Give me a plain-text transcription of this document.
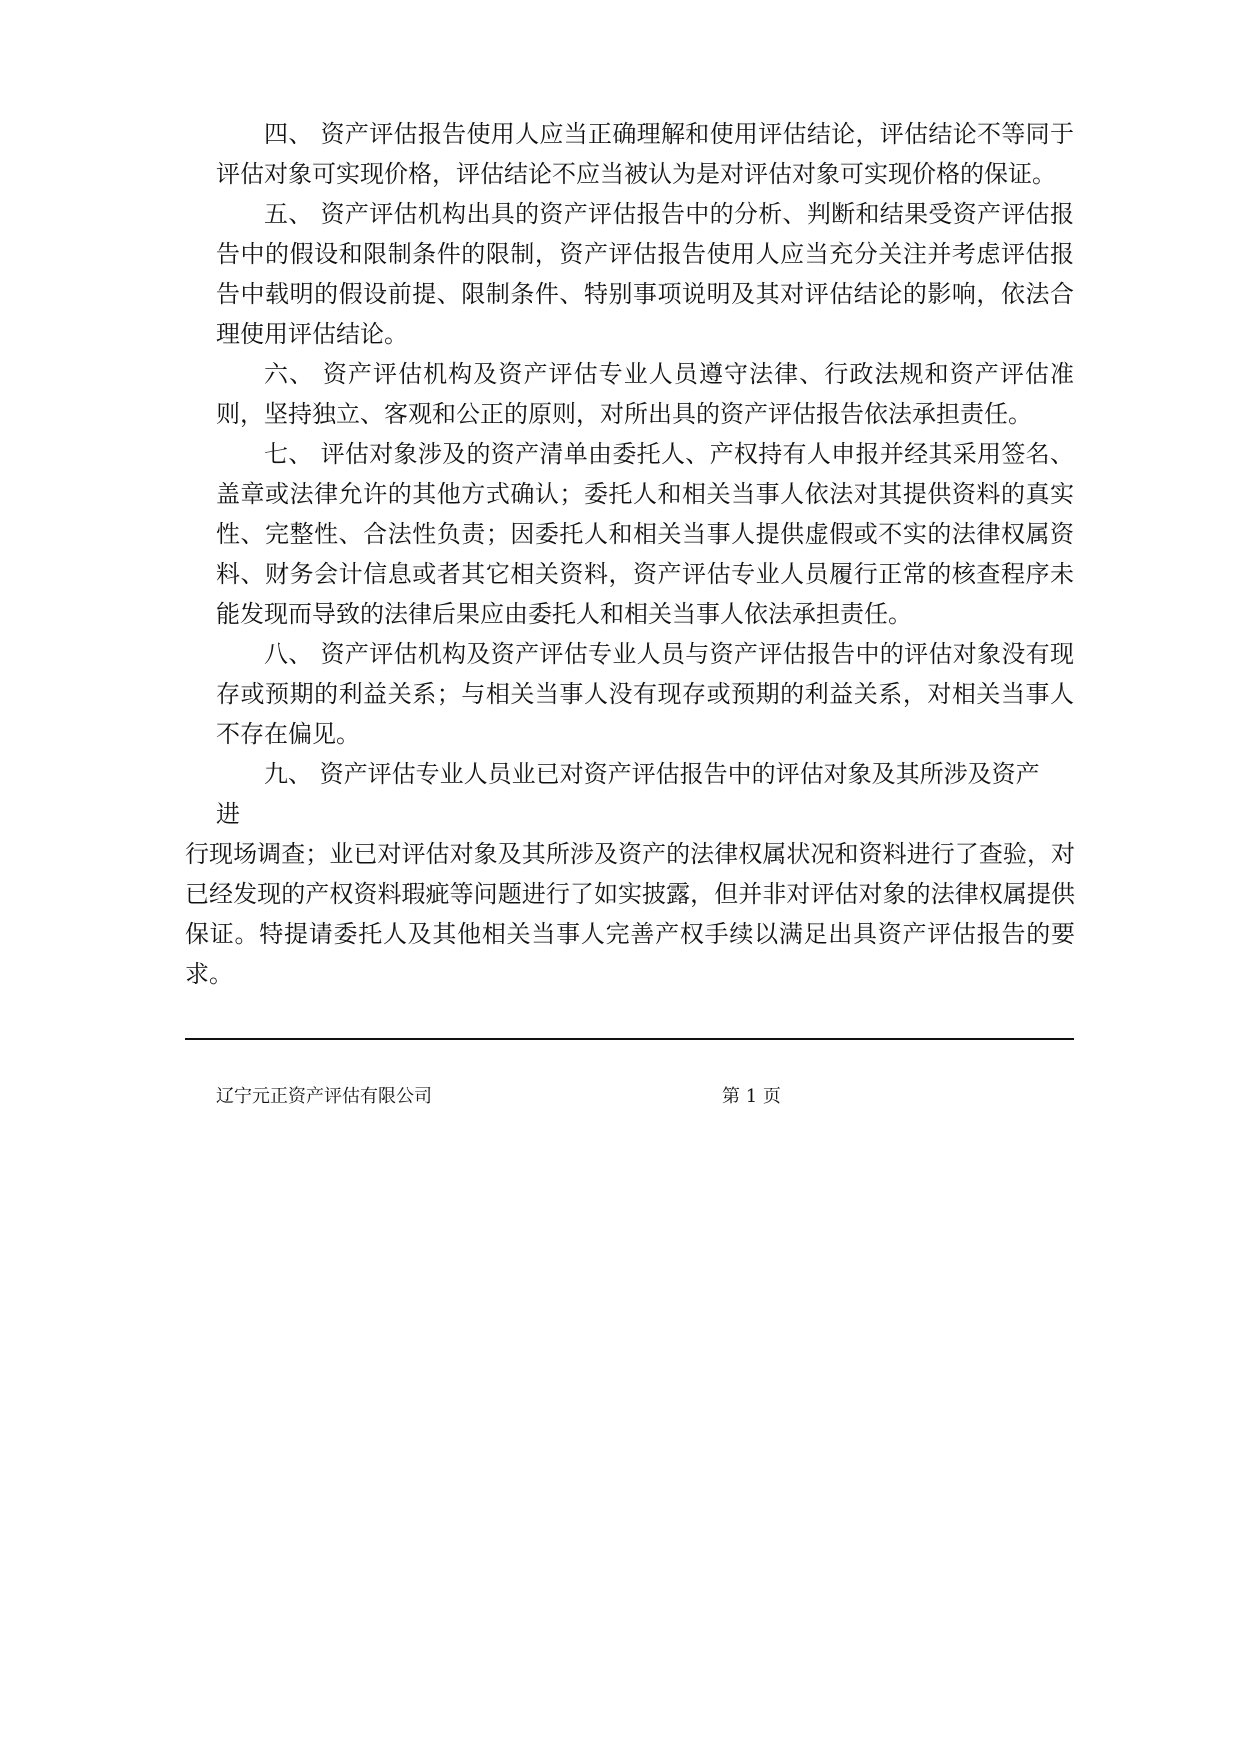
四、 资产评估报告使用人应当正确理解和使用评估结论，评估结论不等同于评估对象可实现价格，评估结论不应当被认为是对评估对象可实现价格的保证。

五、 资产评估机构出具的资产评估报告中的分析、判断和结果受资产评估报告中的假设和限制条件的限制，资产评估报告使用人应当充分关注并考虑评估报告中载明的假设前提、限制条件、特别事项说明及其对评估结论的影响，依法合理使用评估结论。

六、 资产评估机构及资产评估专业人员遵守法律、行政法规和资产评估准则，坚持独立、客观和公正的原则，对所出具的资产评估报告依法承担责任。

七、 评估对象涉及的资产清单由委托人、产权持有人申报并经其采用签名、盖章或法律允许的其他方式确认；委托人和相关当事人依法对其提供资料的真实性、完整性、合法性负责；因委托人和相关当事人提供虚假或不实的法律权属资料、财务会计信息或者其它相关资料，资产评估专业人员履行正常的核查程序未能发现而导致的法律后果应由委托人和相关当事人依法承担责任。

八、 资产评估机构及资产评估专业人员与资产评估报告中的评估对象没有现存或预期的利益关系；与相关当事人没有现存或预期的利益关系，对相关当事人不存在偏见。

九、 资产评估专业人员业已对资产评估报告中的评估对象及其所涉及资产

进

行现场调查；业已对评估对象及其所涉及资产的法律权属状况和资料进行了查验，对已经发现的产权资料瑕疵等问题进行了如实披露，但并非对评估对象的法律权属提供保证。特提请委托人及其他相关当事人完善产权手续以满足出具资产评估报告的要求。

辽宁元正资产评估有限公司	第 1 页
